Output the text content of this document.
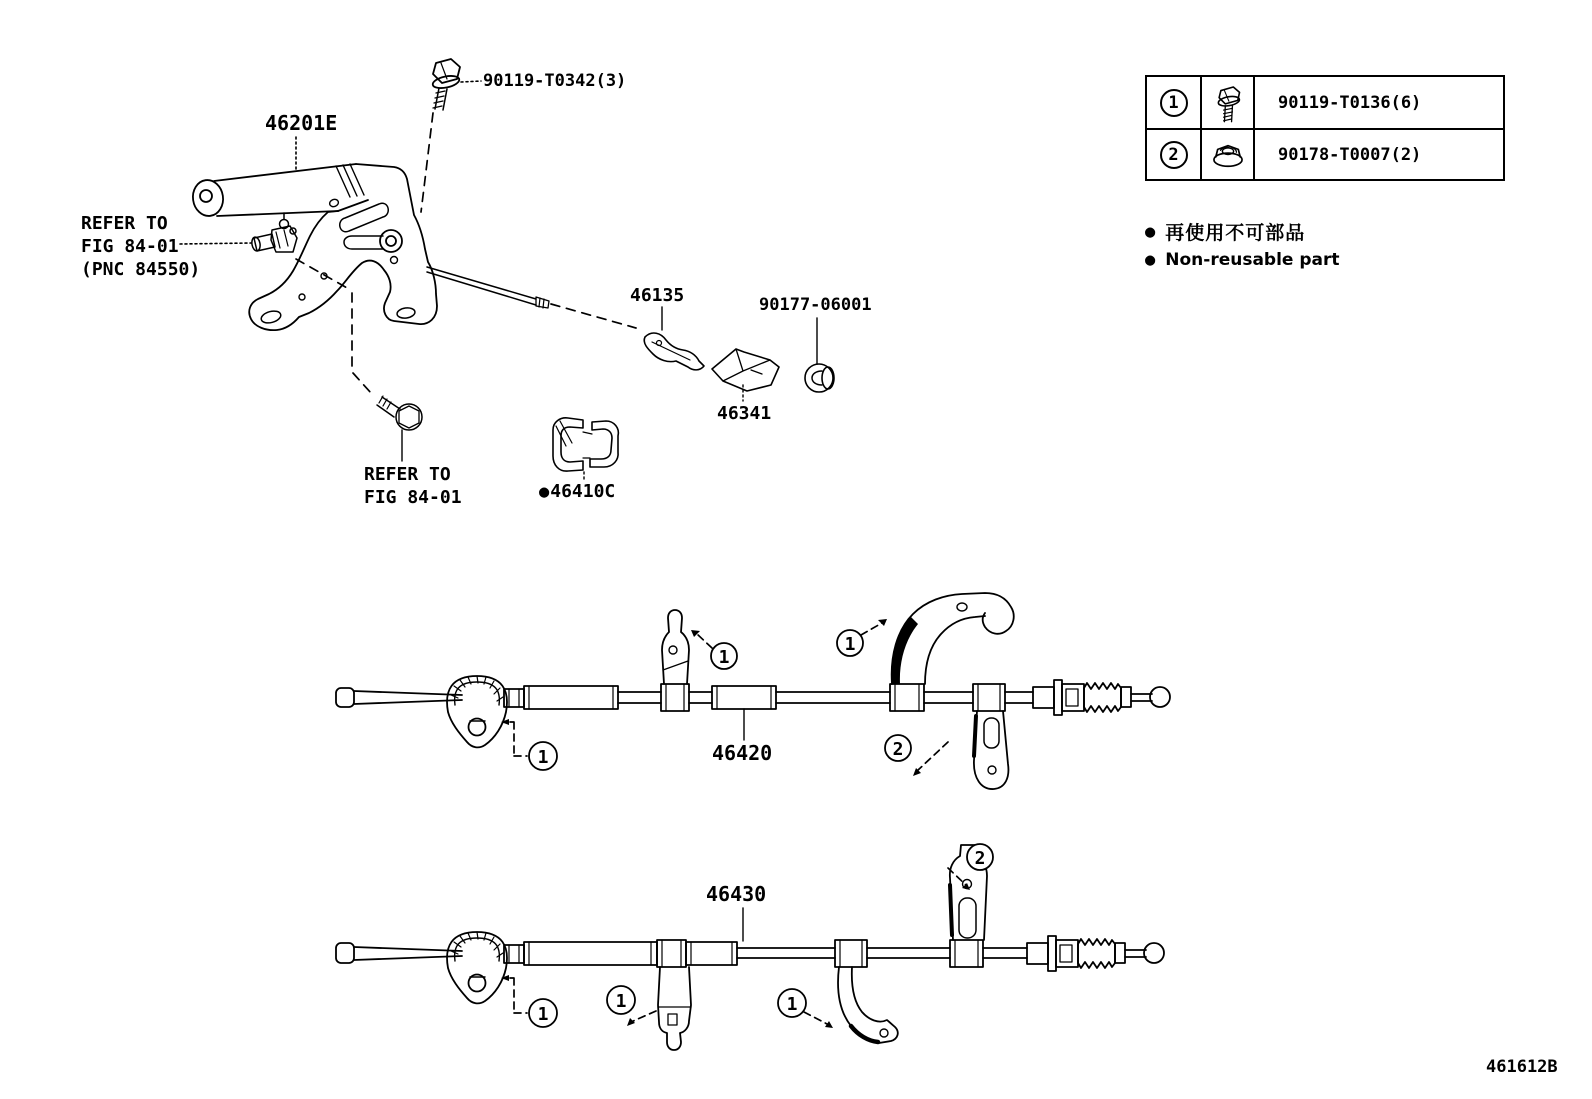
1
1
1
2
1
1	1
2
90119-T0342(3)
46201E
REFER TO
FIG 84-01
(PNC 84550)
46135	90177-06001
46341
REFER TO
FIG 84-01	● 46410C
46420
46430
1	90119-T0136(6)
2	90178-T0007(2)
● 再使用不可部品
● Non-reusable part
461612B
